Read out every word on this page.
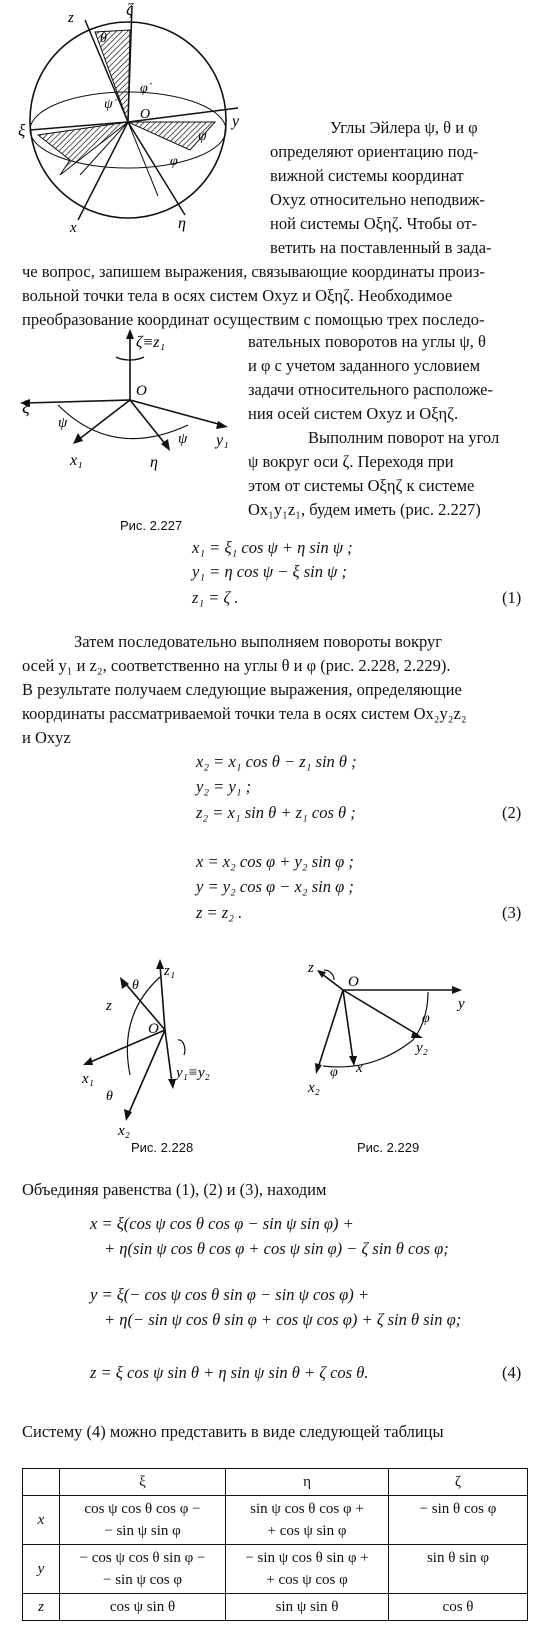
z	ζ
θ
φ̇
ψ̇
O	y
ξ
x	η
ψ
φ
Углы Эйлера ψ, θ и φ
определяют ориентацию под-
вижной системы координат
Oxyz относительно неподвиж-
ной системы Oξηζ. Чтобы от-
ветить на поставленный в зада-
че вопрос, запишем выражения, связывающие координаты произ-
вольной точки тела в осях систем Oxyz и Oξηζ. Необходимое
преобразование координат осуществим с помощью трех последо-
ζ≡z₁
O
ξ
ψ
x₁	η
ψ y₁
вательных поворотов на углы ψ, θ
и φ с учетом заданного условием
задачи относительного расположе-
ния осей систем Oxyz и Oξηζ.
Выполним поворот на угол
ψ вокруг оси ζ. Переходя при
этом от системы Oξηζ к системе
Ox₁y₁z₁, будем иметь (рис. 2.227)
Рис. 2.227
x₁ = ξ₁ cos ψ + η sin ψ ;
y₁ = η cos ψ − ξ sin ψ ;
z₁ = ζ .	(1)
Затем последовательно выполняем повороты вокруг
осей y₁ и z₂, соответственно на углы θ и φ (рис. 2.228, 2.229).
В результате получаем следующие выражения, определяющие
координаты рассматриваемой точки тела в осях систем Ox₂y₂z₂
и Oxyz
x₂ = x₁ cos θ − z₁ sin θ ;
y₂ = y₁ ;
z₂ = x₁ sin θ + z₁ cos θ ;	(2)
x = x₂ cos φ + y₂ sin φ ;
y = y₂ cos φ − x₂ sin φ ;
z = z₂ .	(3)
z₁
θ
z
O
x₁
θ
x₂
y₁≡y₂
z
O
y
φ
y₂
φ
x₂
x
Рис. 2.228	Рис. 2.229
Объединяя равенства (1), (2) и (3), находим
x = ξ(cos ψ cos θ cos φ − sin ψ sin φ) +
+ η(sin ψ cos θ cos φ + cos ψ sin φ) − ζ sin θ cos φ;
y = ξ(− cos ψ cos θ sin φ − sin ψ cos φ) +
+ η(− sin ψ cos θ sin φ + cos ψ cos φ) + ζ sin θ sin φ;
z = ξ cos ψ sin θ + η sin ψ sin θ + ζ cos θ.	(4)
Систему (4) можно представить в виде следующей таблицы
	ξ	η	ζ
x	cos ψ cos θ cos φ −
− sin ψ sin φ	sin ψ cos θ cos φ +
+ cos ψ sin φ	− sin θ cos φ

y	− cos ψ cos θ sin φ −
− sin ψ cos φ	− sin ψ cos θ sin φ +
+ cos ψ cos φ	sin θ sin φ

z	cos ψ sin θ	sin ψ sin θ	cos θ
